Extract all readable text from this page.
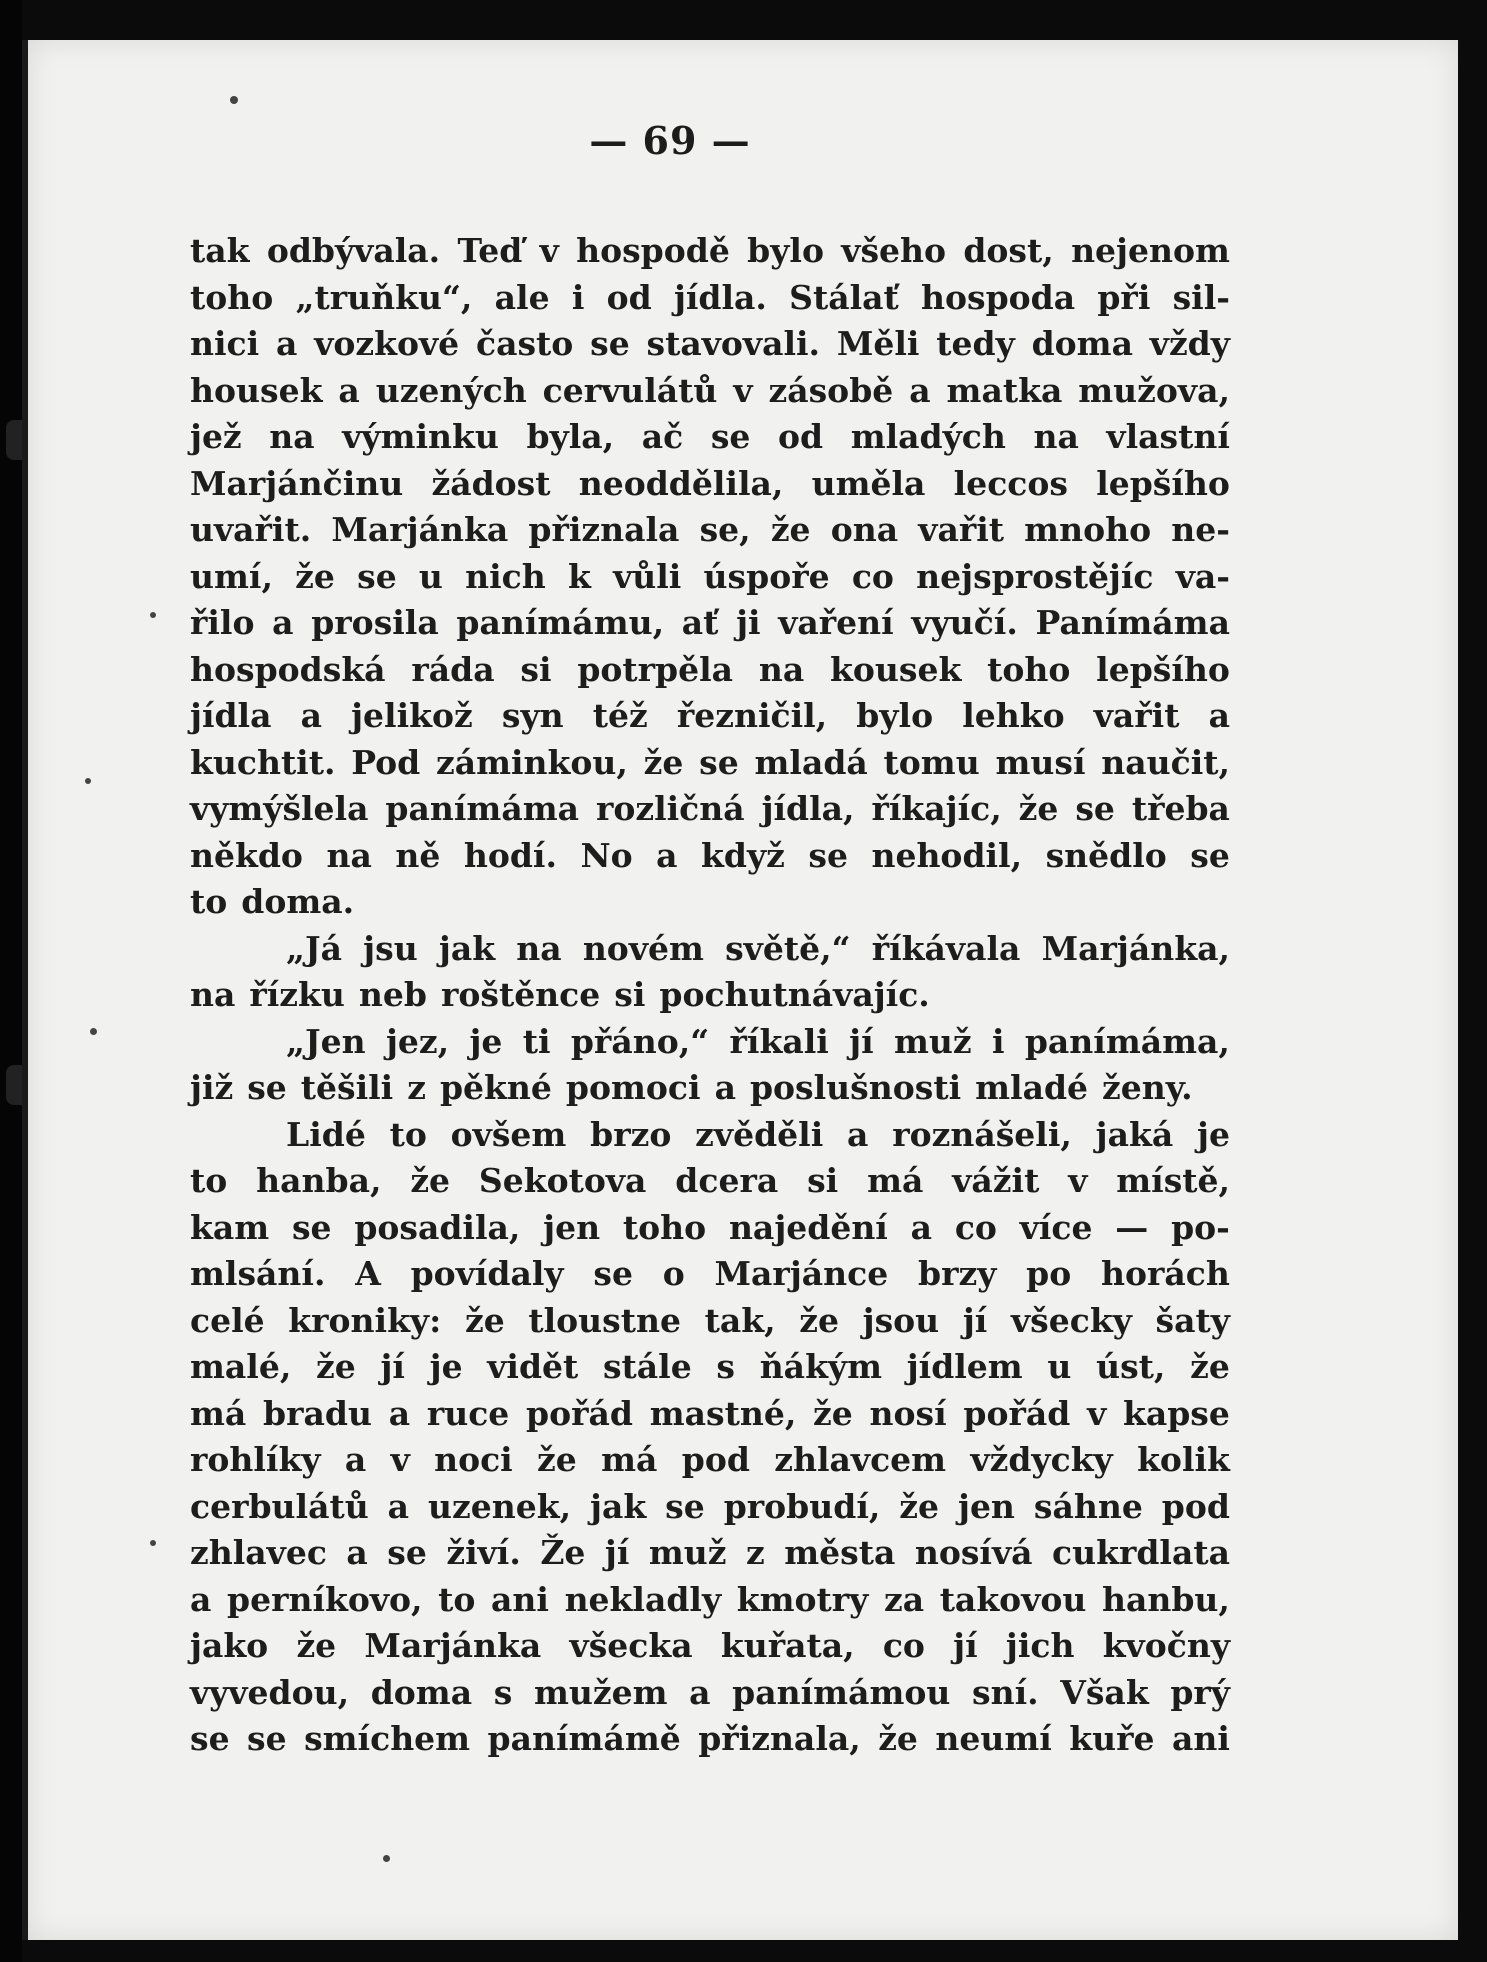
— 69 —
tak odbývala. Teď v hospodě bylo všeho dost, nejenom
toho „truňku“, ale i od jídla. Stálať hospoda při sil-
nici a vozkové často se stavovali. Měli tedy doma vždy
housek a uzených cervulátů v zásobě a matka mužova,
jež na výminku byla, ač se od mladých na vlastní
Marjánčinu žádost neoddělila, uměla leccos lepšího
uvařit. Marjánka přiznala se, že ona vařit mnoho ne-
umí, že se u nich k vůli úspoře co nejsprostějíc va-
řilo a prosila panímámu, ať ji vaření vyučí. Panímáma
hospodská ráda si potrpěla na kousek toho lepšího
jídla a jelikož syn též řezničil, bylo lehko vařit a
kuchtit. Pod záminkou, že se mladá tomu musí naučit,
vymýšlela panímáma rozličná jídla, říkajíc, že se třeba
někdo na ně hodí. No a když se nehodil, snědlo se
to doma.
„Já jsu jak na novém světě,“ říkávala Marjánka,
na řízku neb roštěnce si pochutnávajíc.
„Jen jez, je ti přáno,“ říkali jí muž i panímáma,
již se těšili z pěkné pomoci a poslušnosti mladé ženy.
Lidé to ovšem brzo zvěděli a roznášeli, jaká je
to hanba, že Sekotova dcera si má vážit v místě,
kam se posadila, jen toho najedění a co více — po-
mlsání. A povídaly se o Marjánce brzy po horách
celé kroniky: že tloustne tak, že jsou jí všecky šaty
malé, že jí je vidět stále s ňákým jídlem u úst, že
má bradu a ruce pořád mastné, že nosí pořád v kapse
rohlíky a v noci že má pod zhlavcem vždycky kolik
cerbulátů a uzenek, jak se probudí, že jen sáhne pod
zhlavec a se živí. Že jí muž z města nosívá cukrdlata
a perníkovo, to ani nekladly kmotry za takovou hanbu,
jako že Marjánka všecka kuřata, co jí jich kvočny
vyvedou, doma s mužem a panímámou sní. Však prý
se se smíchem panímámě přiznala, že neumí kuře ani
